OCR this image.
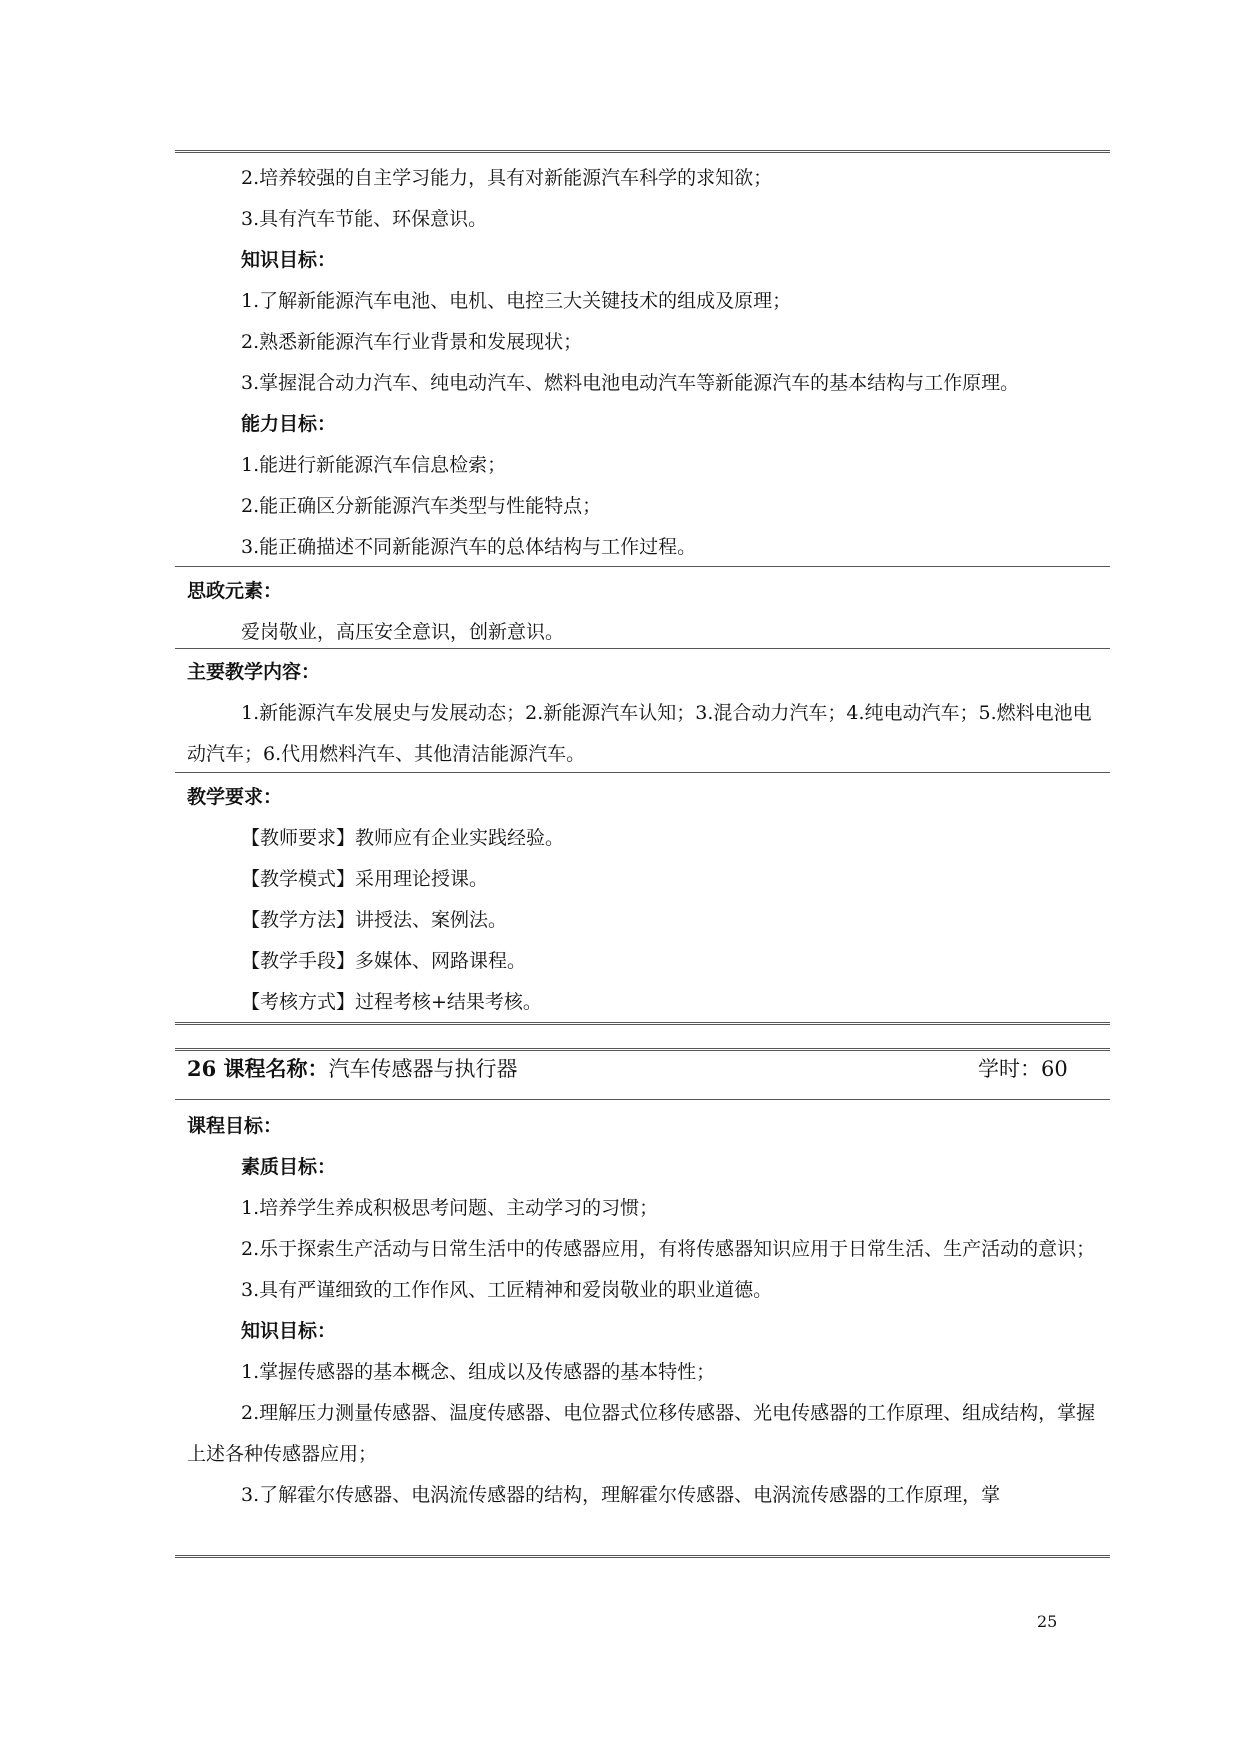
2.培养较强的自主学习能力，具有对新能源汽车科学的求知欲；
3.具有汽车节能、环保意识。
知识目标：
1.了解新能源汽车电池、电机、电控三大关键技术的组成及原理；
2.熟悉新能源汽车行业背景和发展现状；
3.掌握混合动力汽车、纯电动汽车、燃料电池电动汽车等新能源汽车的基本结构与工作原理。
能力目标：
1.能进行新能源汽车信息检索；
2.能正确区分新能源汽车类型与性能特点；
3.能正确描述不同新能源汽车的总体结构与工作过程。
思政元素：
爱岗敬业，高压安全意识，创新意识。
主要教学内容：
1.新能源汽车发展史与发展动态；2.新能源汽车认知；3.混合动力汽车；4.纯电动汽车；5.燃料电池电动汽车；6.代用燃料汽车、其他清洁能源汽车。
教学要求：
【教师要求】教师应有企业实践经验。
【教学模式】采用理论授课。
【教学方法】讲授法、案例法。
【教学手段】多媒体、网路课程。
【考核方式】过程考核+结果考核。
26 课程名称：汽车传感器与执行器	学时：60
课程目标：
素质目标：
1.培养学生养成积极思考问题、主动学习的习惯；
2.乐于探索生产活动与日常生活中的传感器应用，有将传感器知识应用于日常生活、生产活动的意识；
3.具有严谨细致的工作作风、工匠精神和爱岗敬业的职业道德。
知识目标：
1.掌握传感器的基本概念、组成以及传感器的基本特性；
2.理解压力测量传感器、温度传感器、电位器式位移传感器、光电传感器的工作原理、组成结构，掌握上述各种传感器应用；
3.了解霍尔传感器、电涡流传感器的结构，理解霍尔传感器、电涡流传感器的工作原理，掌
25
